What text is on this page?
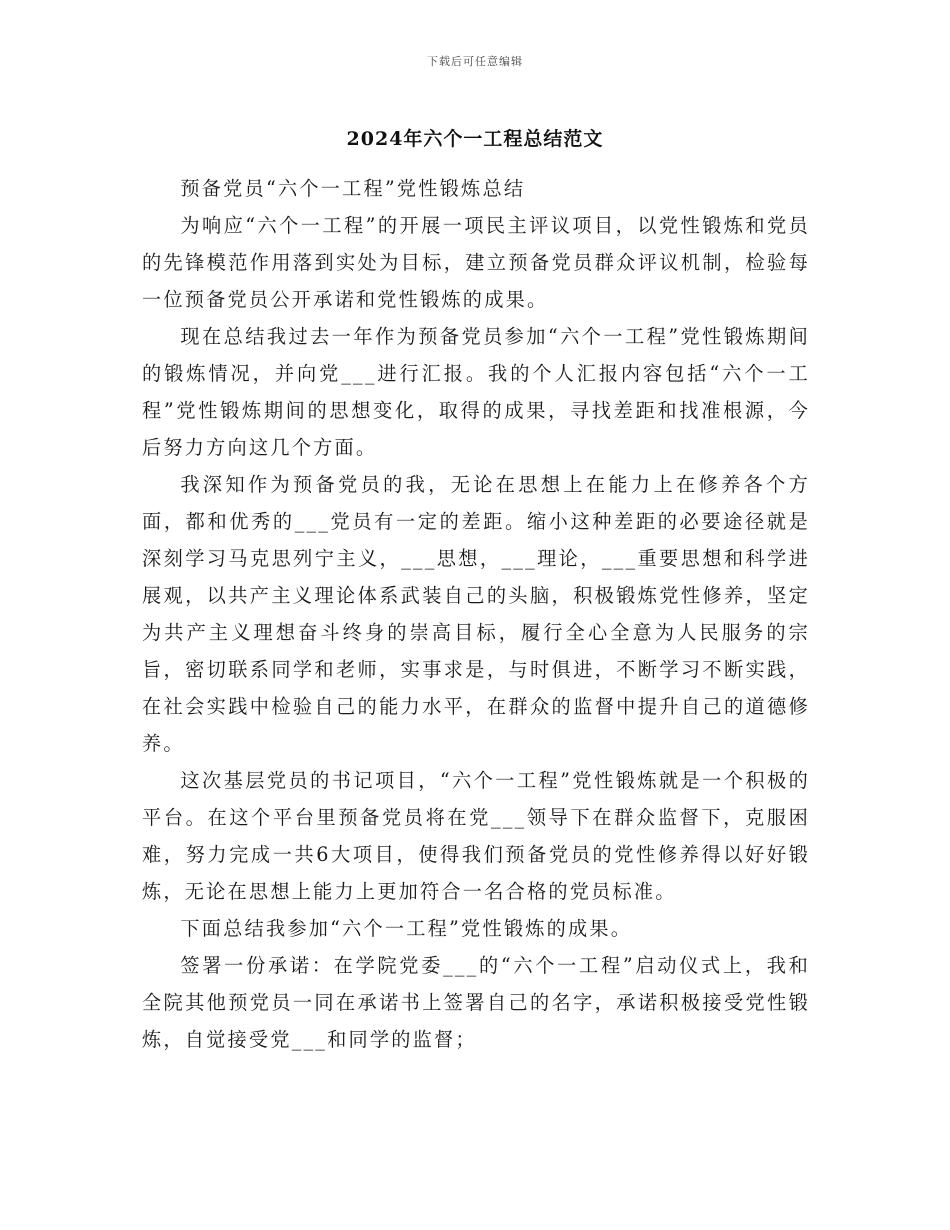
下载后可任意编辑
2024年六个一工程总结范文

预备党员“六个一工程”党性锻炼总结

为响应“六个一工程”的开展一项民主评议项目，以党性锻炼和党员的先锋模范作用落到实处为目标，建立预备党员群众评议机制，检验每一位预备党员公开承诺和党性锻炼的成果。

现在总结我过去一年作为预备党员参加“六个一工程”党性锻炼期间的锻炼情况，并向党___进行汇报。我的个人汇报内容包括“六个一工程”党性锻炼期间的思想变化，取得的成果，寻找差距和找准根源，今后努力方向这几个方面。

我深知作为预备党员的我，无论在思想上在能力上在修养各个方面，都和优秀的___党员有一定的差距。缩小这种差距的必要途径就是深刻学习马克思列宁主义，___思想，___理论，___重要思想和科学进展观，以共产主义理论体系武装自己的头脑，积极锻炼党性修养，坚定为共产主义理想奋斗终身的崇高目标，履行全心全意为人民服务的宗旨，密切联系同学和老师，实事求是，与时俱进，不断学习不断实践，在社会实践中检验自己的能力水平，在群众的监督中提升自己的道德修养。

这次基层党员的书记项目，“六个一工程”党性锻炼就是一个积极的平台。在这个平台里预备党员将在党___领导下在群众监督下，克服困难，努力完成一共6大项目，使得我们预备党员的党性修养得以好好锻炼，无论在思想上能力上更加符合一名合格的党员标准。

下面总结我参加“六个一工程”党性锻炼的成果。

签署一份承诺：在学院党委___的“六个一工程”启动仪式上，我和全院其他预党员一同在承诺书上签署自己的名字，承诺积极接受党性锻炼，自觉接受党___和同学的监督；
